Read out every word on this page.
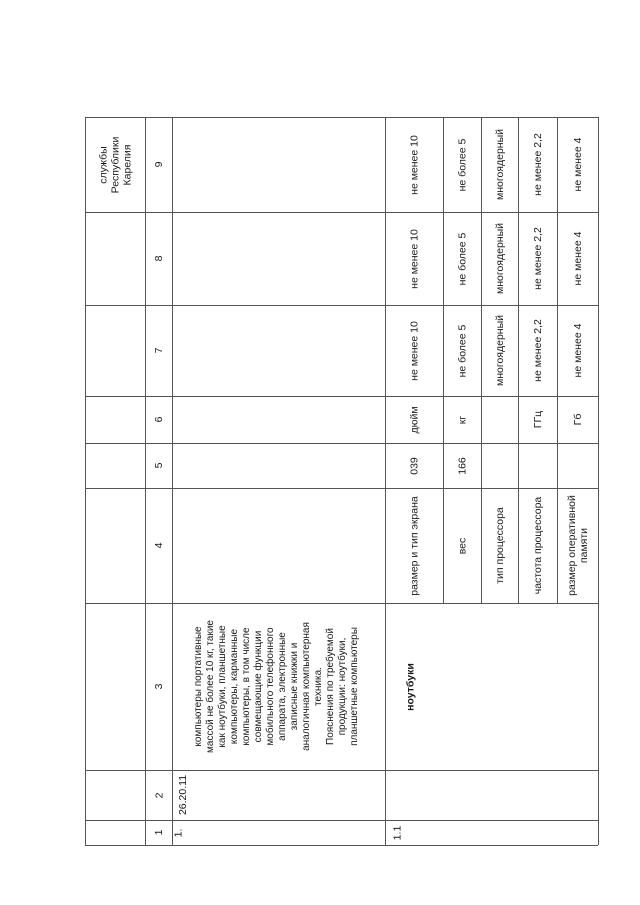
1
2
3
4
5
6
7
8
9
службы Республики Карелия
1.
26.20.11
компьютеры портативные массой не более 10 кг, такие как ноутбуки, планшетные компьютеры, карманные компьютеры, в том числе совмещающие функции мобильного телефонного аппарата, электронные записные книжки и аналогичная компьютерная техника. Пояснения по требуемой продукции: ноутбуки, планшетные компьютеры
1.1
ноутбуки
размер и тип экрана
039
дюйм
не менее 10
не менее 10
не менее 10
вес
166
кг
не более 5
не более 5
не более 5
тип процессора
многоядерный
многоядерный
многоядерный
частота процессора
ГГц
не менее 2,2
не менее 2,2
не менее 2,2
размер оперативной памяти
Гб
не менее 4
не менее 4
не менее 4
